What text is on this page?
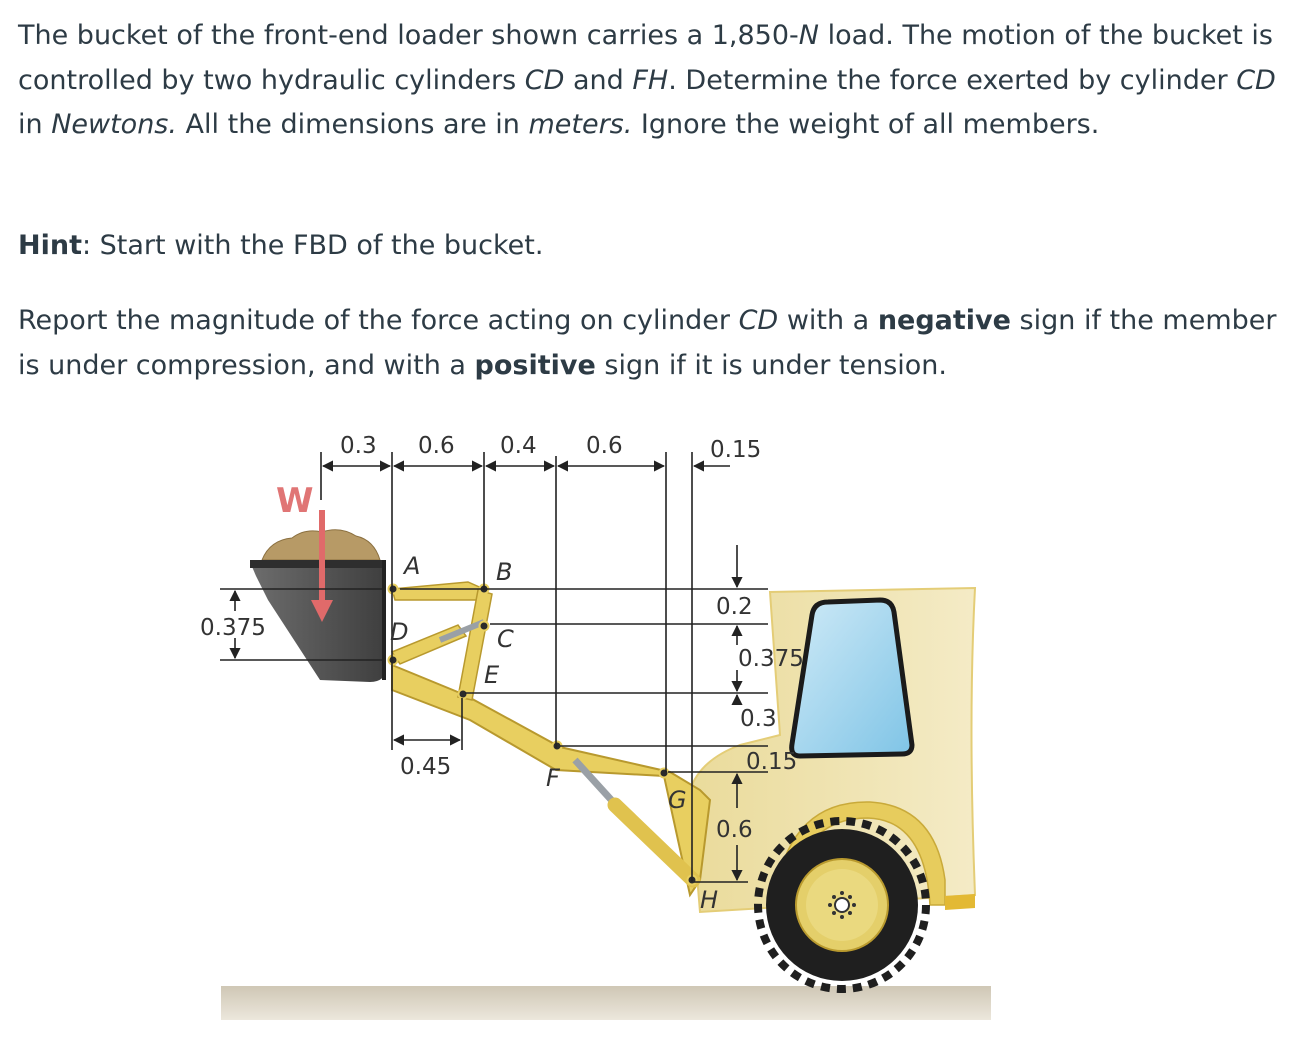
The bucket of the front-end loader shown carries a 1,850-N load. The motion of the bucket is controlled by two hydraulic cylinders CD and FH. Determine the force exerted by cylinder CD in Newtons. All the dimensions are in meters. Ignore the weight of all members.

Hint: Start with the FBD of the bucket.

Report the magnitude of the force acting on cylinder CD with a negative sign if the member is under compression, and with a positive sign if it is under tension.

W
0.3 0.6 0.4 0.6	0.15
0.375
0.45
0.2
0.375
0.3
0.15
0.6
A	B
C
D
E
F
G
H
